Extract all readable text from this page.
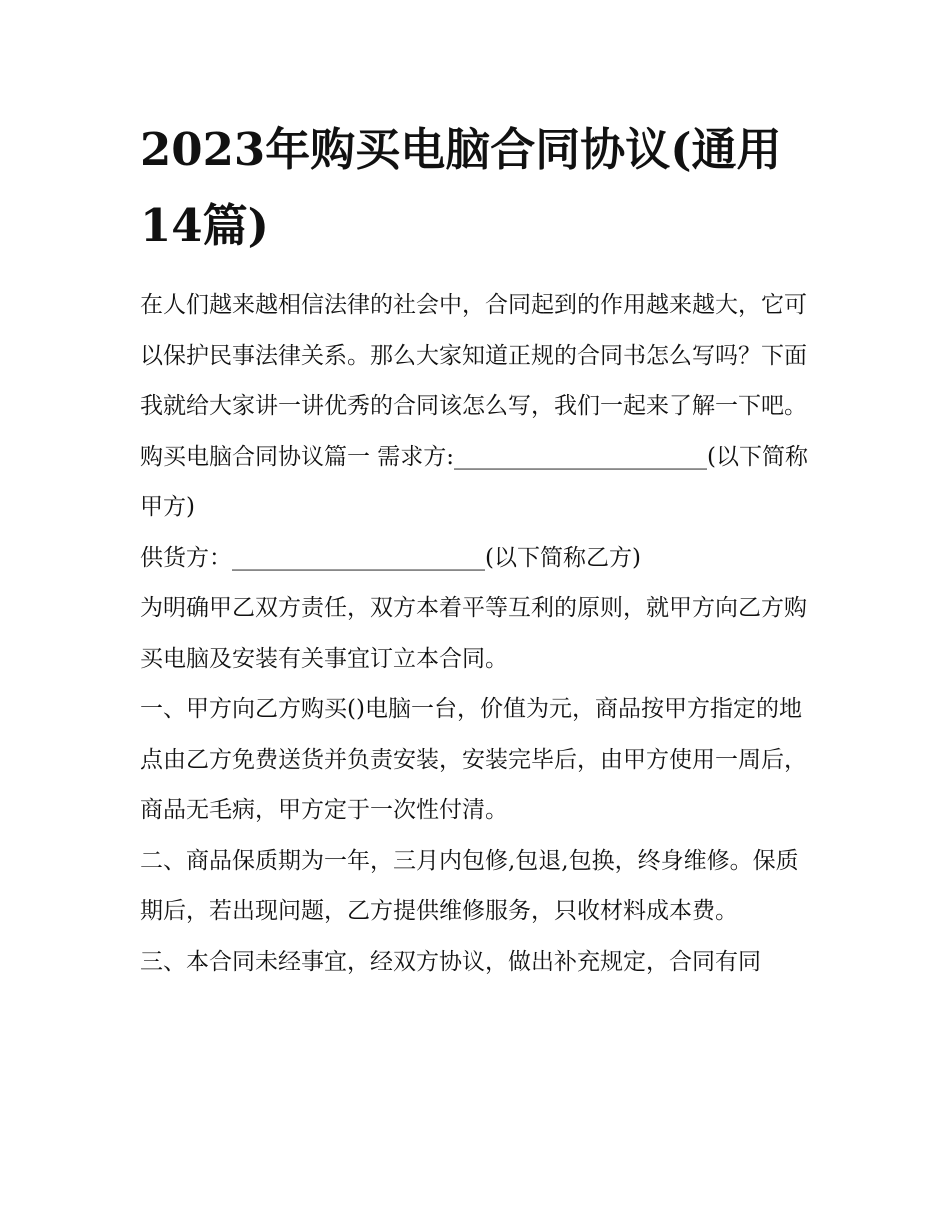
2023年购买电脑合同协议(通用14篇)

在人们越来越相信法律的社会中，合同起到的作用越来越大，它可以保护民事法律关系。那么大家知道正规的合同书怎么写吗？下面我就给大家讲一讲优秀的合同该怎么写，我们一起来了解一下吧。

购买电脑合同协议篇一 需求方:______________________(以下简称甲方)

供货方：______________________(以下简称乙方)

为明确甲乙双方责任，双方本着平等互利的原则，就甲方向乙方购买电脑及安装有关事宜订立本合同。

一、甲方向乙方购买()电脑一台，价值为元，商品按甲方指定的地点由乙方免费送货并负责安装，安装完毕后，由甲方使用一周后，商品无毛病，甲方定于一次性付清。

二、商品保质期为一年，三月内包修,包退,包换，终身维修。保质期后，若出现问题，乙方提供维修服务，只收材料成本费。

三、本合同未经事宜，经双方协议，做出补充规定，合同有同
